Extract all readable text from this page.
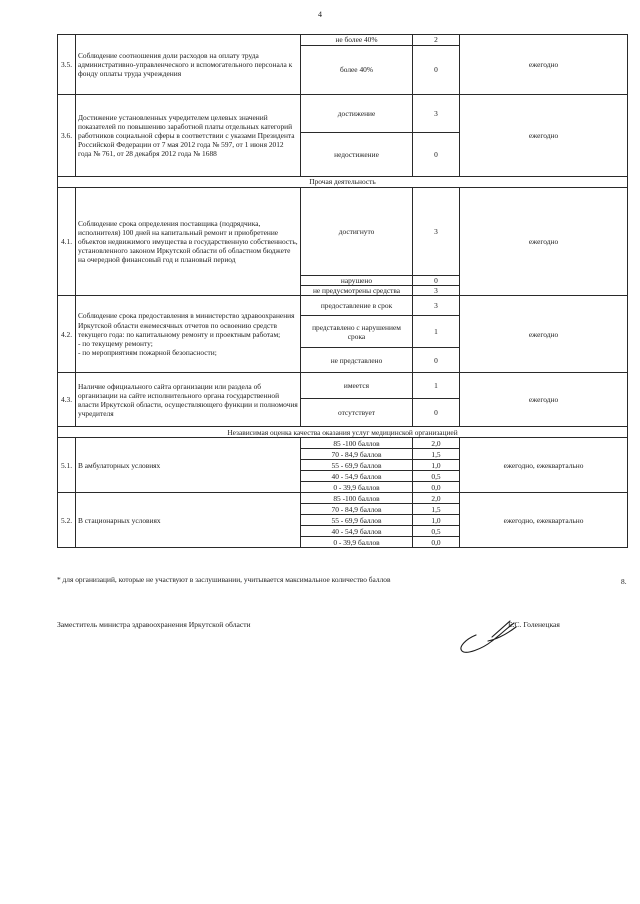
4
3.5.	Соблюдение соотношения доли расходов на оплату труда административно-управленческого и вспомогательного персонала к фонду оплаты труда учреждения	не более 40%	2	ежегодно
		более 40%	0	
3.6.	Достижение установленных учредителем целевых значений показателей по повышению заработной платы отдельных категорий работников социальной сферы в соответствии с указами Президента Российской Федерации от 7 мая 2012 года № 597, от 1 июня 2012 года № 761, от 28 декабря 2012 года № 1688	достижение	3	ежегодно
		недостижение	0	
Прочая деятельность				
4.1.	Соблюдение срока определения поставщика (подрядчика, исполнителя) 100 дней на капитальный ремонт и приобретение объектов недвижимого имущества в государственную собственность, установленного законом Иркутской области об областном бюджете на очередной финансовый год и плановый период	достигнуто	3	ежегодно
		нарушено	0	
		не предусмотрены средства	3	
4.2.	Соблюдение срока предоставления в министерство здравоохранения Иркутской области ежемесячных отчетов по освоению средств текущего года: по капитальному ремонту и проектным работам;
- по текущему ремонту;
- по мероприятиям пожарной безопасности;	предоставление в срок	3	ежегодно
		представлено с нарушением срока	1	
		не представлено	0	
4.3.	Наличие официального сайта организации или раздела об организации на сайте исполнительного органа государственной власти Иркутской области, осуществляющего функции и полномочия учредителя	имеется	1	ежегодно
		отсутствует	0	
Независимая оценка качества оказания услуг медицинской организацией				
5.1.	В амбулаторных условиях	85 -100 баллов	2,0	ежегодно, ежеквартально
		70 - 84,9 баллов	1,5	
		55 - 69,9 баллов	1,0	
		40 - 54,9 баллов	0,5	
		0 - 39,9 баллов	0,0	
5.2.	В стационарных условиях	85 -100 баллов	2,0	ежегодно, ежеквартально
		70 - 84,9 баллов	1,5	
		55 - 69,9 баллов	1,0	
		40 - 54,9 баллов	0,5	
		0 - 39,9 баллов	0,0	
* для организаций, которые не участвуют в заслушивании, учитывается максимальное количество баллов	8.
Заместитель министра здравоохранения Иркутской области	Е.С. Голенецкая
